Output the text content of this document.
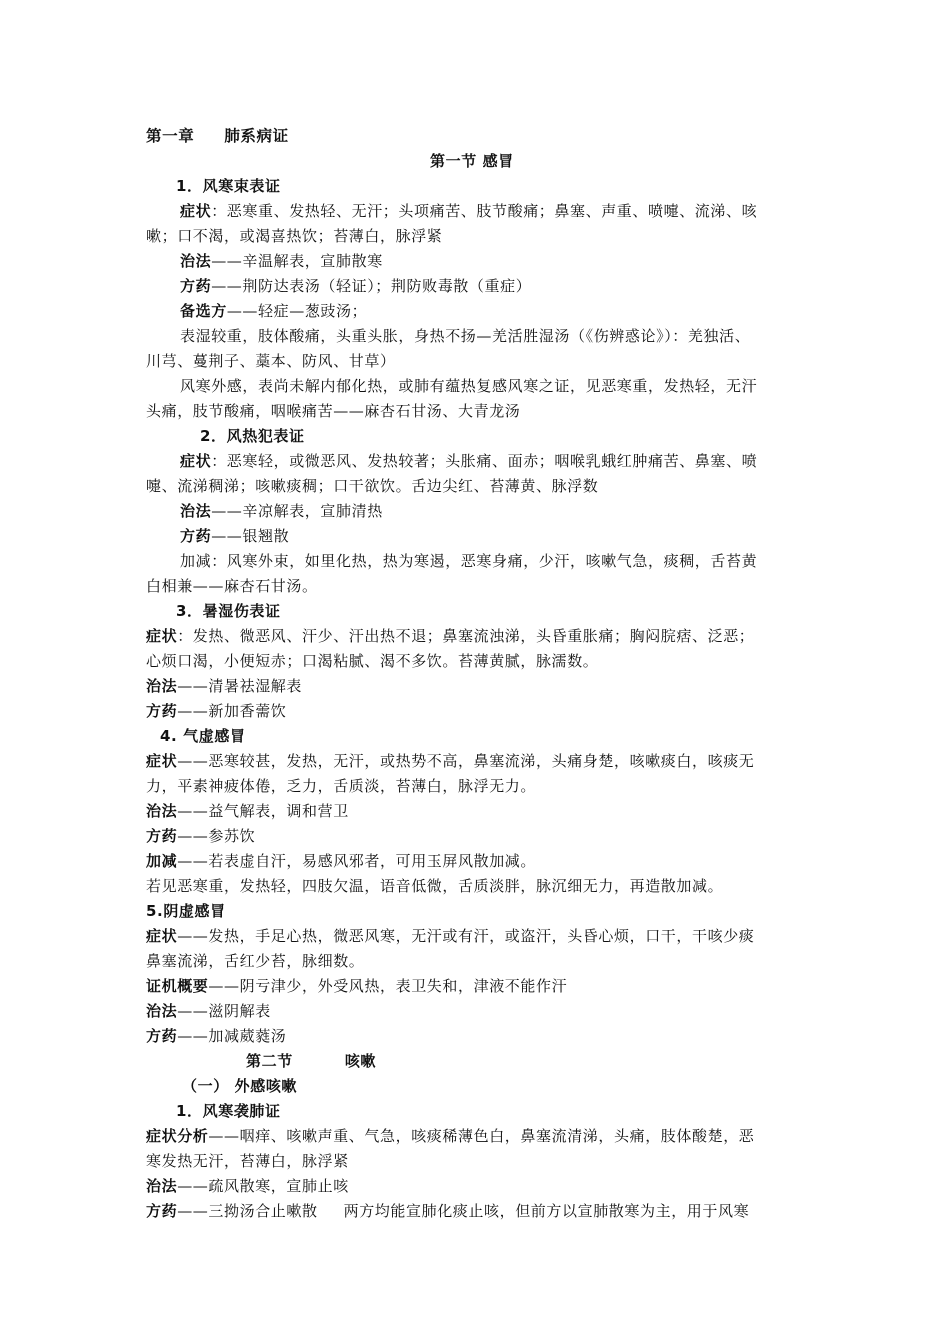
第一章 肺系病证
第一节 感冒
1．风寒束表证
症状：恶寒重、发热轻、无汗；头项痛苦、肢节酸痛；鼻塞、声重、喷嚏、流涕、咳
嗽；口不渴，或渴喜热饮；苔薄白，脉浮紧
治法——辛温解表，宣肺散寒
方药——荆防达表汤（轻证）；荆防败毒散（重症）
备选方——轻症—葱豉汤；
表湿较重，肢体酸痛，头重头胀，身热不扬—羌活胜湿汤（《伤辨惑论》）：羌独活、
川芎、蔓荆子、藁本、防风、甘草）
风寒外感，表尚未解内郁化热，或肺有蕴热复感风寒之证，见恶寒重，发热轻，无汗
头痛，肢节酸痛，咽喉痛苦——麻杏石甘汤、大青龙汤
2．风热犯表证
症状：恶寒轻，或微恶风、发热较著；头胀痛、面赤；咽喉乳蛾红肿痛苦、鼻塞、喷
嚏、流涕稠涕；咳嗽痰稠；口干欲饮。舌边尖红、苔薄黄、脉浮数
治法——辛凉解表，宣肺清热
方药——银翘散
加减：风寒外束，如里化热，热为寒遏，恶寒身痛，少汗，咳嗽气急，痰稠，舌苔黄
白相兼——麻杏石甘汤。
3．暑湿伤表证
症状：发热、微恶风、汗少、汗出热不退；鼻塞流浊涕，头昏重胀痛；胸闷脘痞、泛恶；
心烦口渴，小便短赤；口渴粘腻、渴不多饮。苔薄黄腻，脉濡数。
治法——清暑祛湿解表
方药——新加香薷饮
4. 气虚感冒
症状——恶寒较甚，发热，无汗，或热势不高，鼻塞流涕，头痛身楚，咳嗽痰白，咳痰无
力，平素神疲体倦，乏力，舌质淡，苔薄白，脉浮无力。
治法——益气解表，调和营卫
方药——参苏饮
加减——若表虚自汗，易感风邪者，可用玉屏风散加减。
若见恶寒重，发热轻，四肢欠温，语音低微，舌质淡胖，脉沉细无力，再造散加减。
5.阴虚感冒
症状——发热，手足心热，微恶风寒，无汗或有汗，或盗汗，头昏心烦，口干，干咳少痰
鼻塞流涕，舌红少苔，脉细数。
证机概要——阴亏津少，外受风热，表卫失和，津液不能作汗
治法——滋阴解表
方药——加减葳蕤汤
第二节	咳嗽
（一） 外感咳嗽
1．风寒袭肺证
症状分析——咽痒、咳嗽声重、气急，咳痰稀薄色白，鼻塞流清涕，头痛，肢体酸楚，恶
寒发热无汗，苔薄白，脉浮紧
治法——疏风散寒，宣肺止咳
方药——三拗汤合止嗽散 两方均能宣肺化痰止咳，但前方以宣肺散寒为主，用于风寒
